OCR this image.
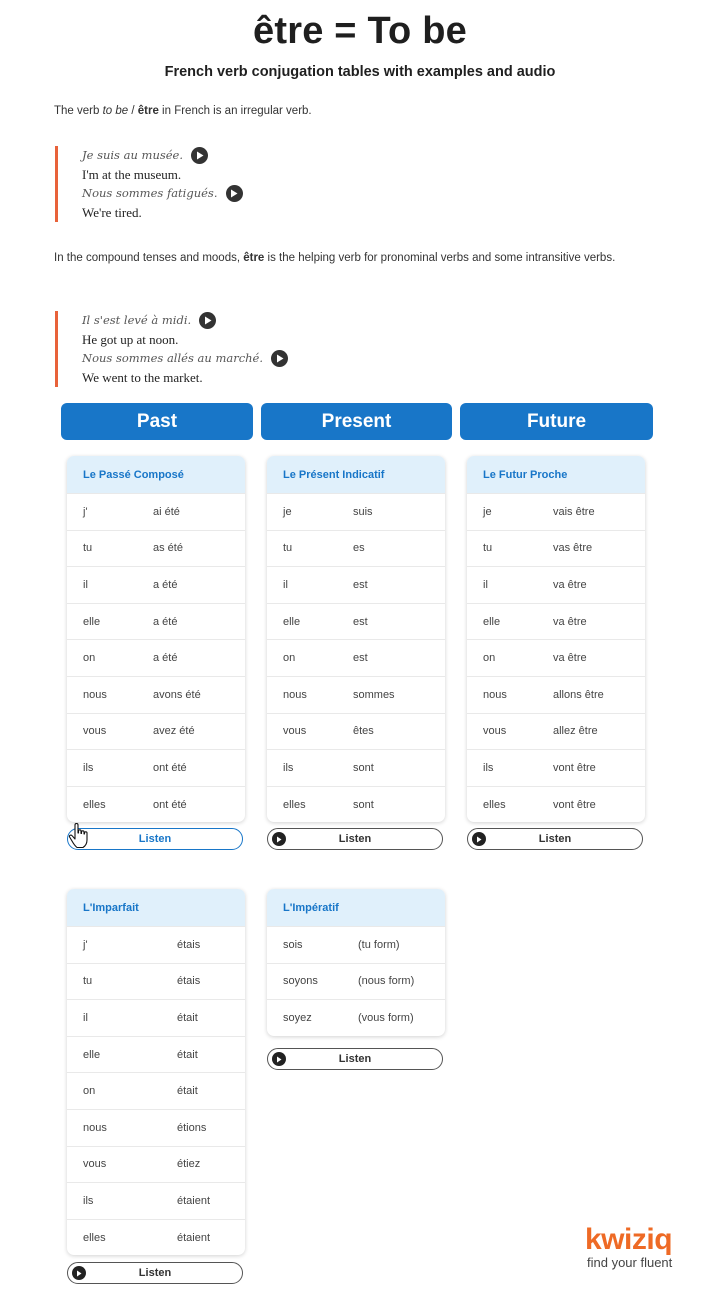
être = To be
French verb conjugation tables with examples and audio
The verb to be / être in French is an irregular verb.
Je suis au musée.
I'm at the museum.
Nous sommes fatigués.
We're tired.
In the compound tenses and moods, être is the helping verb for pronominal verbs and some intransitive verbs.
Il s'est levé à midi.
He got up at noon.
Nous sommes allés au marché.
We went to the market.
Past	Present	Future
Le Passé Composé
j'	ai été
tu	as été
il	a été
elle	a été
on	a été
nous	avons été
vous	avez été
ils	ont été
elles	ont été
Le Présent Indicatif
je	suis
tu	es
il	est
elle	est
on	est
nous	sommes
vous	êtes
ils	sont
elles	sont
Le Futur Proche
je	vais être
tu	vas être
il	va être
elle	va être
on	va être
nous	allons être
vous	allez être
ils	vont être
elles	vont être
L'Imparfait
j'	étais
tu	étais
il	était
elle	était
on	était
nous	étions
vous	étiez
ils	étaient
elles	étaient
L'Impératif
sois	(tu form)
soyons	(nous form)
soyez	(vous form)
Listen	Listen	Listen
Listen
Listen
kwiziq
find your fluent
